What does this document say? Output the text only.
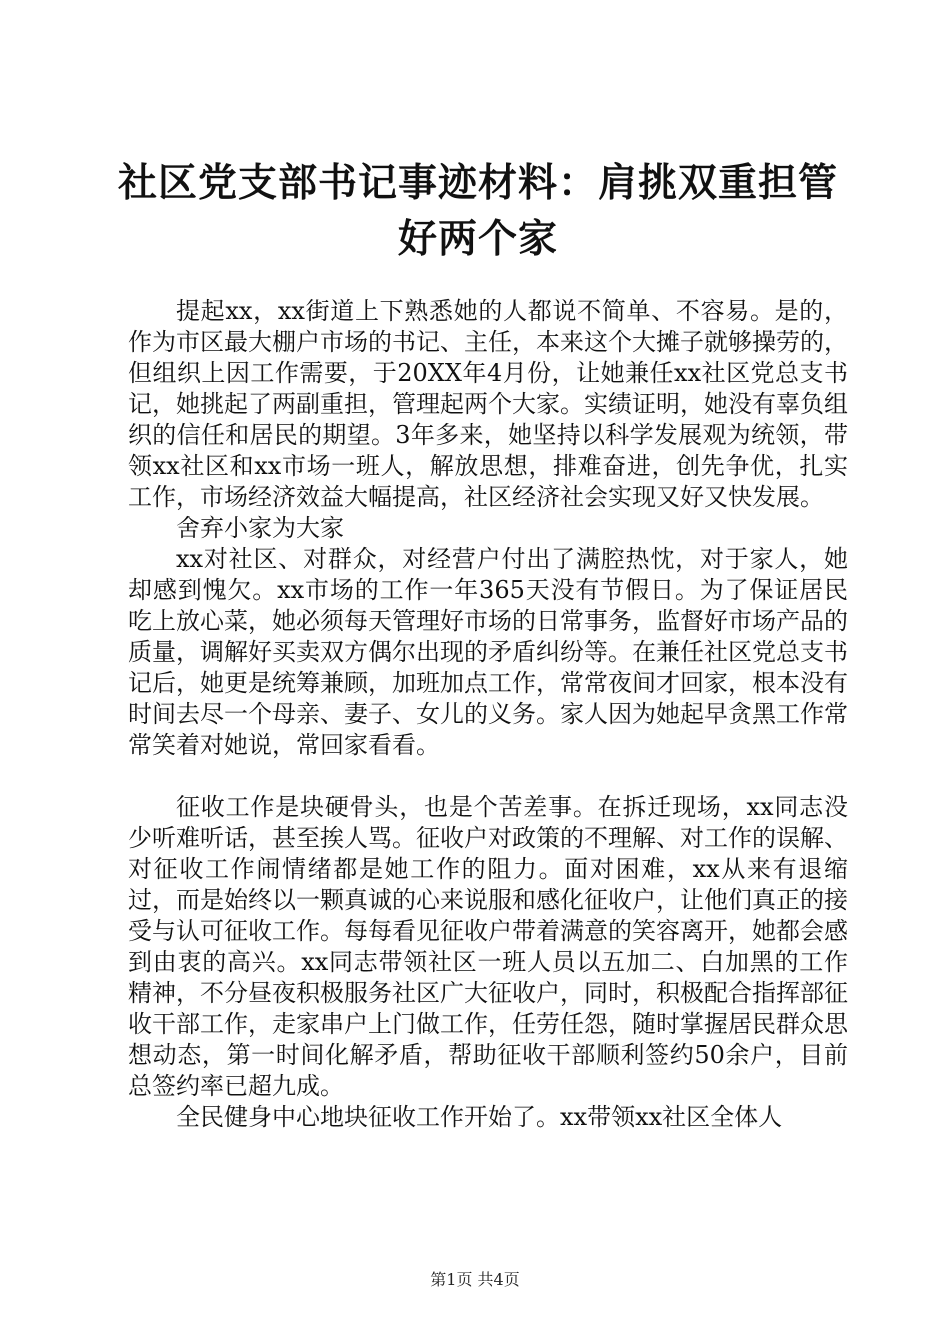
社区党支部书记事迹材料：肩挑双重担管好两个家

提起xx，xx街道上下熟悉她的人都说不简单、不容易。是的，作为市区最大棚户市场的书记、主任，本来这个大摊子就够操劳的，但组织上因工作需要，于20XX年4月份，让她兼任xx社区党总支书记，她挑起了两副重担，管理起两个大家。实绩证明，她没有辜负组织的信任和居民的期望。3年多来，她坚持以科学发展观为统领，带领xx社区和xx市场一班人，解放思想，排难奋进，创先争优，扎实工作，市场经济效益大幅提高，社区经济社会实现又好又快发展。

舍弃小家为大家

xx对社区、对群众，对经营户付出了满腔热忱，对于家人，她却感到愧欠。xx市场的工作一年365天没有节假日。为了保证居民吃上放心菜，她必须每天管理好市场的日常事务，监督好市场产品的质量，调解好买卖双方偶尔出现的矛盾纠纷等。在兼任社区党总支书记后，她更是统筹兼顾，加班加点工作，常常夜间才回家，根本没有时间去尽一个母亲、妻子、女儿的义务。家人因为她起早贪黑工作常常笑着对她说，常回家看看。

征收工作是块硬骨头，也是个苦差事。在拆迁现场，xx同志没少听难听话，甚至挨人骂。征收户对政策的不理解、对工作的误解、对征收工作闹情绪都是她工作的阻力。面对困难，xx从来有退缩过，而是始终以一颗真诚的心来说服和感化征收户，让他们真正的接受与认可征收工作。每每看见征收户带着满意的笑容离开，她都会感到由衷的高兴。xx同志带领社区一班人员以五加二、白加黑的工作精神，不分昼夜积极服务社区广大征收户，同时，积极配合指挥部征收干部工作，走家串户上门做工作，任劳任怨，随时掌握居民群众思想动态，第一时间化解矛盾，帮助征收干部顺利签约50余户，目前总签约率已超九成。

全民健身中心地块征收工作开始了。xx带领xx社区全体人

第1页 共4页
